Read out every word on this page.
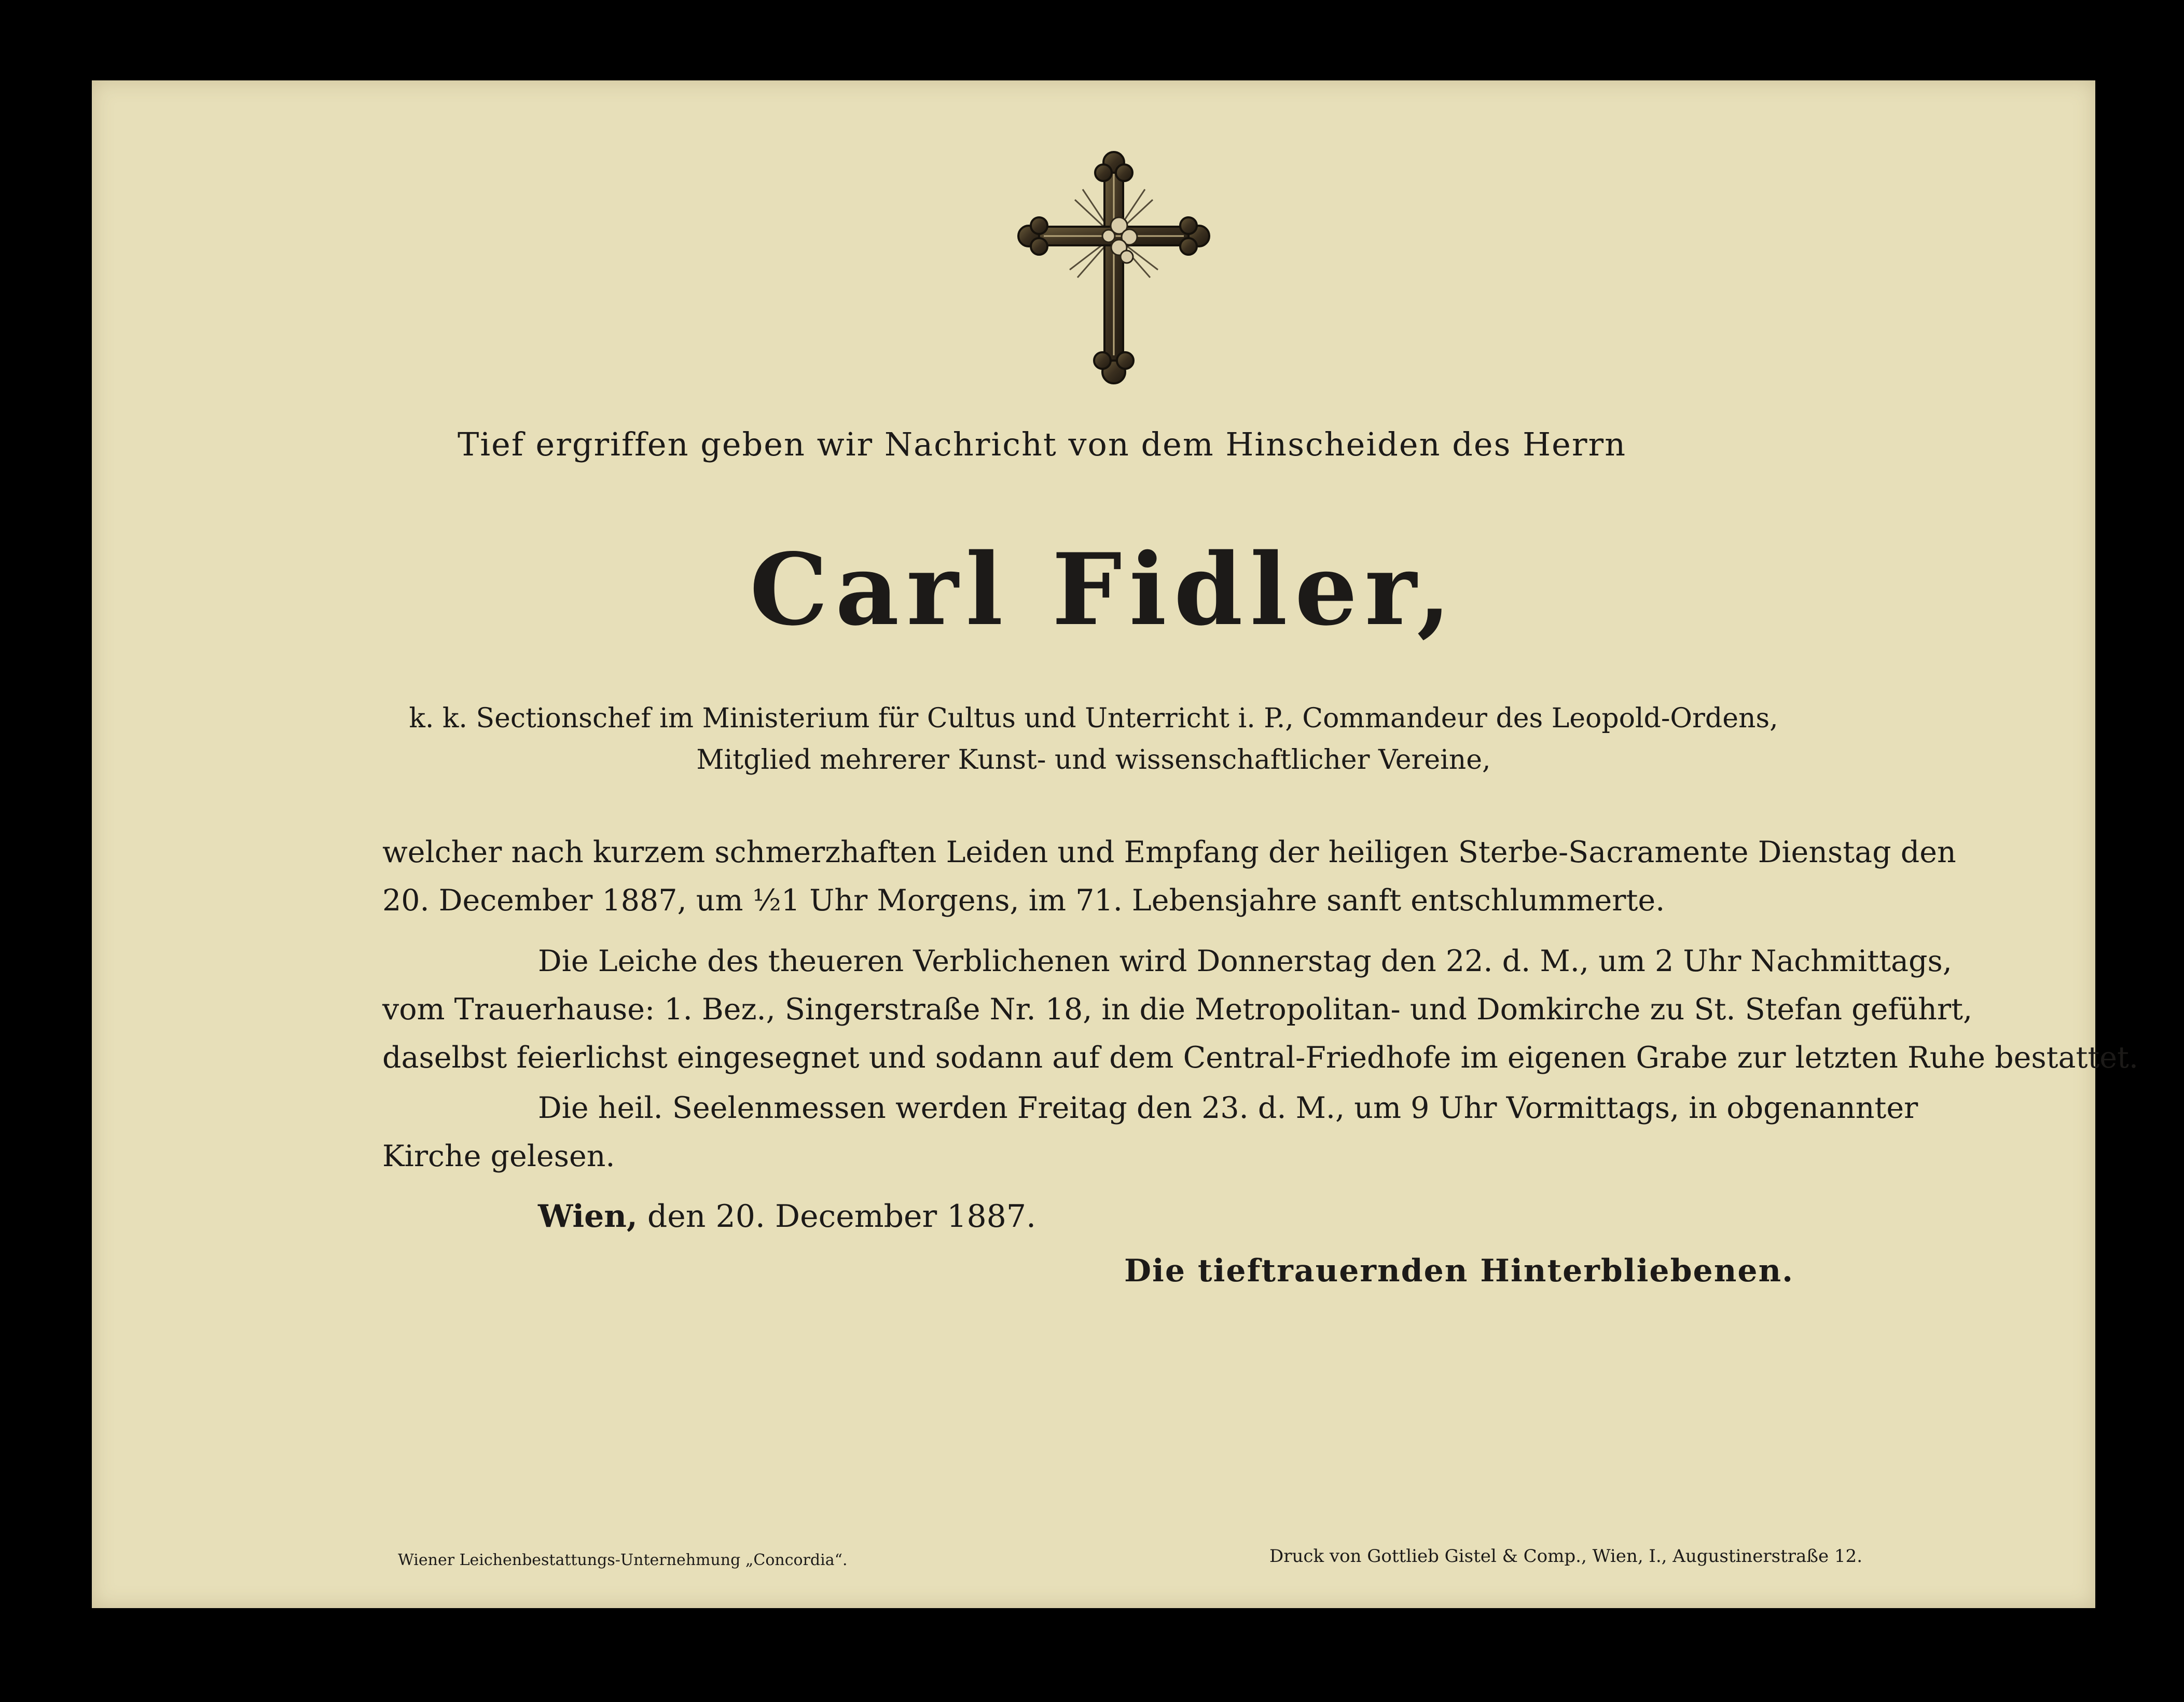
Tief ergriffen geben wir Nachricht von dem Hinscheiden des Herrn

Carl Fidler,

k. k. Sectionschef im Ministerium für Cultus und Unterricht i. P., Commandeur des Leopold-Ordens,

Mitglied mehrerer Kunst- und wissenschaftlicher Vereine,

welcher nach kurzem schmerzhaften Leiden und Empfang der heiligen Sterbe-Sacramente Dienstag den

20. December 1887, um ½1 Uhr Morgens, im 71. Lebensjahre sanft entschlummerte.

Die Leiche des theueren Verblichenen wird Donnerstag den 22. d. M., um 2 Uhr Nachmittags,

vom Trauerhause: 1. Bez., Singerstraße Nr. 18, in die Metropolitan- und Domkirche zu St. Stefan geführt,

daselbst feierlichst eingesegnet und sodann auf dem Central-Friedhofe im eigenen Grabe zur letzten Ruhe bestattet.

Die heil. Seelenmessen werden Freitag den 23. d. M., um 9 Uhr Vormittags, in obgenannter

Kirche gelesen.

Wien, den 20. December 1887.

Die tieftrauernden Hinterbliebenen.

Wiener Leichenbestattungs-Unternehmung „Concordia“.	Druck von Gottlieb Gistel & Comp., Wien, I., Augustinerstraße 12.
